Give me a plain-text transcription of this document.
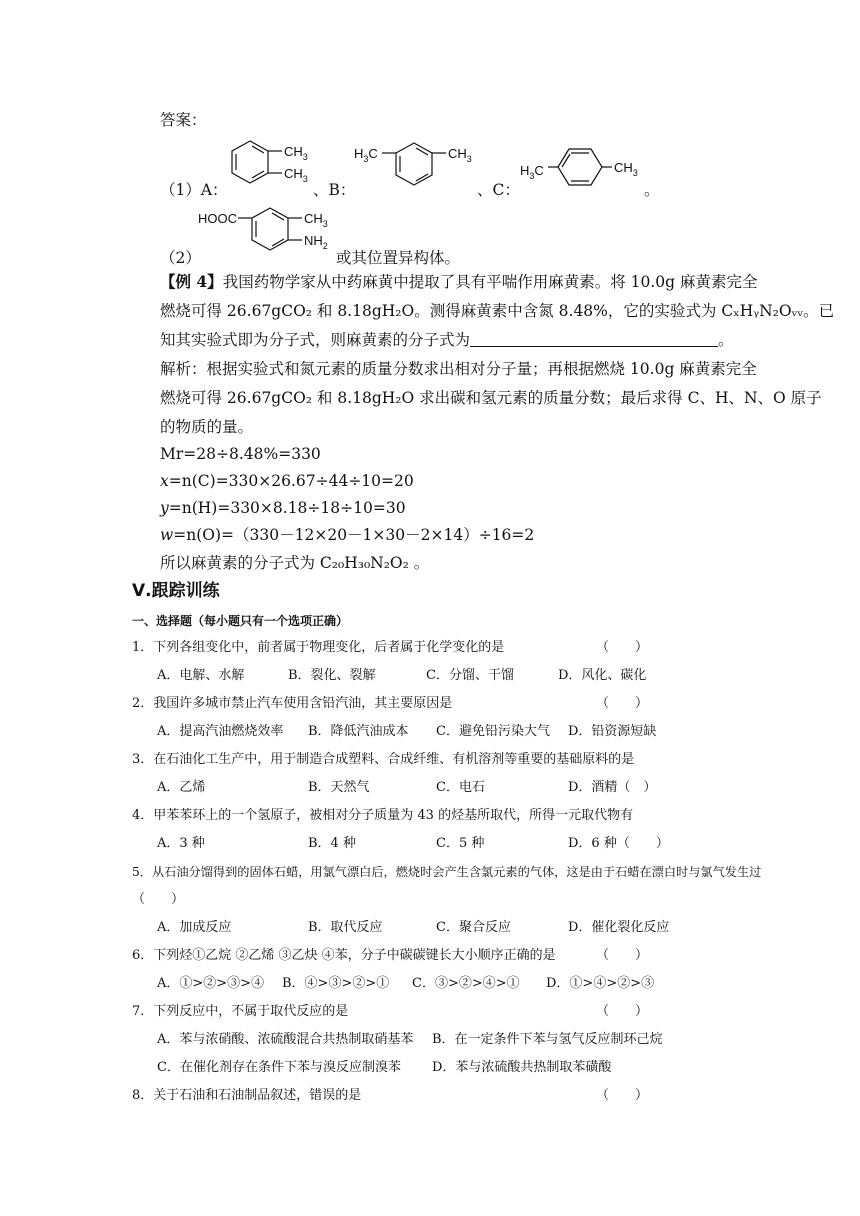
答案：
（1）A：
$CH_3$
$CH_3$
、B：
$H_3C$	$CH_3$
、C：
$H_3C$	$CH_3$
。
（2）
HOOC	$CH_3$
$NH_2$
或其位置异构体。
【例 4】我国药物学家从中药麻黄中提取了具有平喘作用麻黄素。将 10.0g 麻黄素完全
燃烧可得 26.67gCO₂ 和 8.18gH₂O。测得麻黄素中含氮 8.48%，它的实验式为 CₓHᵧN₂Oᵥᵥ。已
知其实验式即为分子式，则麻黄素的分子式为	。
解析：根据实验式和氮元素的质量分数求出相对分子量；再根据燃烧 10.0g 麻黄素完全
燃烧可得 26.67gCO₂ 和 8.18gH₂O 求出碳和氢元素的质量分数；最后求得 C、H、N、O 原子
的物质的量。
Mr=28÷8.48%=330
x=n(C)=330×26.67÷44÷10=20
y=n(H)=330×8.18÷18÷10=30
w=n(O)=（330－12×20－1×30－2×14）÷16=2
所以麻黄素的分子式为 C₂₀H₃₀N₂O₂ 。
Ⅴ.跟踪训练
一、选择题（每小题只有一个选项正确）
1．下列各组变化中，前者属于物理变化，后者属于化学变化的是	（　　）
A．电解、水解	B．裂化、裂解	C．分馏、干馏	D．风化、碳化
2．我国许多城市禁止汽车使用含铅汽油，其主要原因是	（　　）
A．提高汽油燃烧效率 B．降低汽油成本 C．避免铅污染大气 D．铅资源短缺
3．在石油化工生产中，用于制造合成塑料、合成纤维、有机溶剂等重要的基础原料的是
A．乙烯	B．天然气	C．电石	D．酒精（　）
4．甲苯苯环上的一个氢原子，被相对分子质量为 43 的烃基所取代，所得一元取代物有
A．3 种	B．4 种	C．5 种	D．6 种（　　）
5．从石油分馏得到的固体石蜡，用氯气漂白后，燃烧时会产生含氯元素的气体，这是由于石蜡在漂白时与氯气发生过
（　　）
A．加成反应	B．取代反应	C．聚合反应	D．催化裂化反应
6．下列烃①乙烷 ②乙烯 ③乙炔 ④苯，分子中碳碳键长大小顺序正确的是	（　　）
A．①>②>③>④ B．④>③>②>① C．③>②>④>① D．①>④>②>③
7．下列反应中，不属于取代反应的是	（　　）
A．苯与浓硝酸、浓硫酸混合共热制取硝基苯 B．在一定条件下苯与氢气反应制环己烷
C．在催化剂存在条件下苯与溴反应制溴苯 D．苯与浓硫酸共热制取苯磺酸
8．关于石油和石油制品叙述，错误的是	（　　）
